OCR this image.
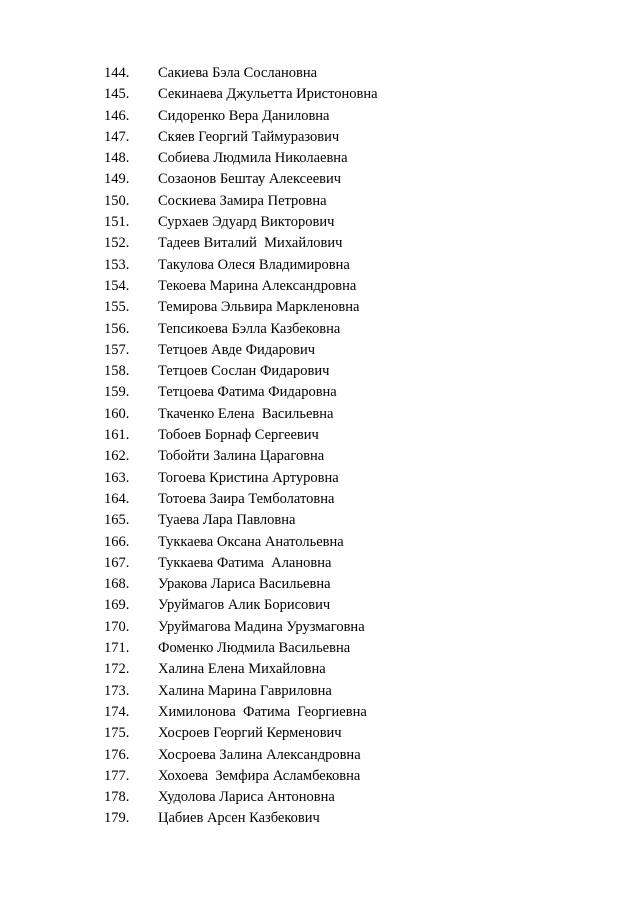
144.

Сакиева Бэла Сослановна

145.

Секинаева Джульетта Иристоновна

146.

Сидоренко Вера Даниловна

147.

Скяев Георгий Таймуразович

148.

Собиева Людмила Николаевна

149.

Созаонов Бештау Алексеевич

150.

Соскиева Замира Петровна

151.

Сурхаев Эдуард Викторович

152.

Тадеев Виталий  Михайлович

153.

Такулова Олеся Владимировна

154.

Текоева Марина Александровна

155.

Темирова Эльвира Маркленовна

156.

Тепсикоева Бэлла Казбековна

157.

Тетцоев Авде Фидарович

158.

Тетцоев Сослан Фидарович

159.

Тетцоева Фатима Фидаровна

160.

Ткаченко Елена  Васильевна

161.

Тобоев Борнаф Сергеевич

162.

Тобойти Залина Цараговна

163.

Тогоева Кристина Артуровна

164.

Тотоева Заира Темболатовна

165.

Туаева Лара Павловна

166.

Туккаева Оксана Анатольевна

167.

Туккаева Фатима  Алановна

168.

Уракова Лариса Васильевна

169.

Уруймагов Алик Борисович

170.

Уруймагова Мадина Урузмаговна

171.

Фоменко Людмила Васильевна

172.

Халина Елена Михайловна

173.

Халина Марина Гавриловна

174.

Химилонова  Фатима  Георгиевна

175.

Хосроев Георгий Керменович

176.

Хосроева Залина Александровна

177.

Хохоева  Земфира Асламбековна

178.

Худолова Лариса Антоновна

179.

Цабиев Арсен Казбекович
